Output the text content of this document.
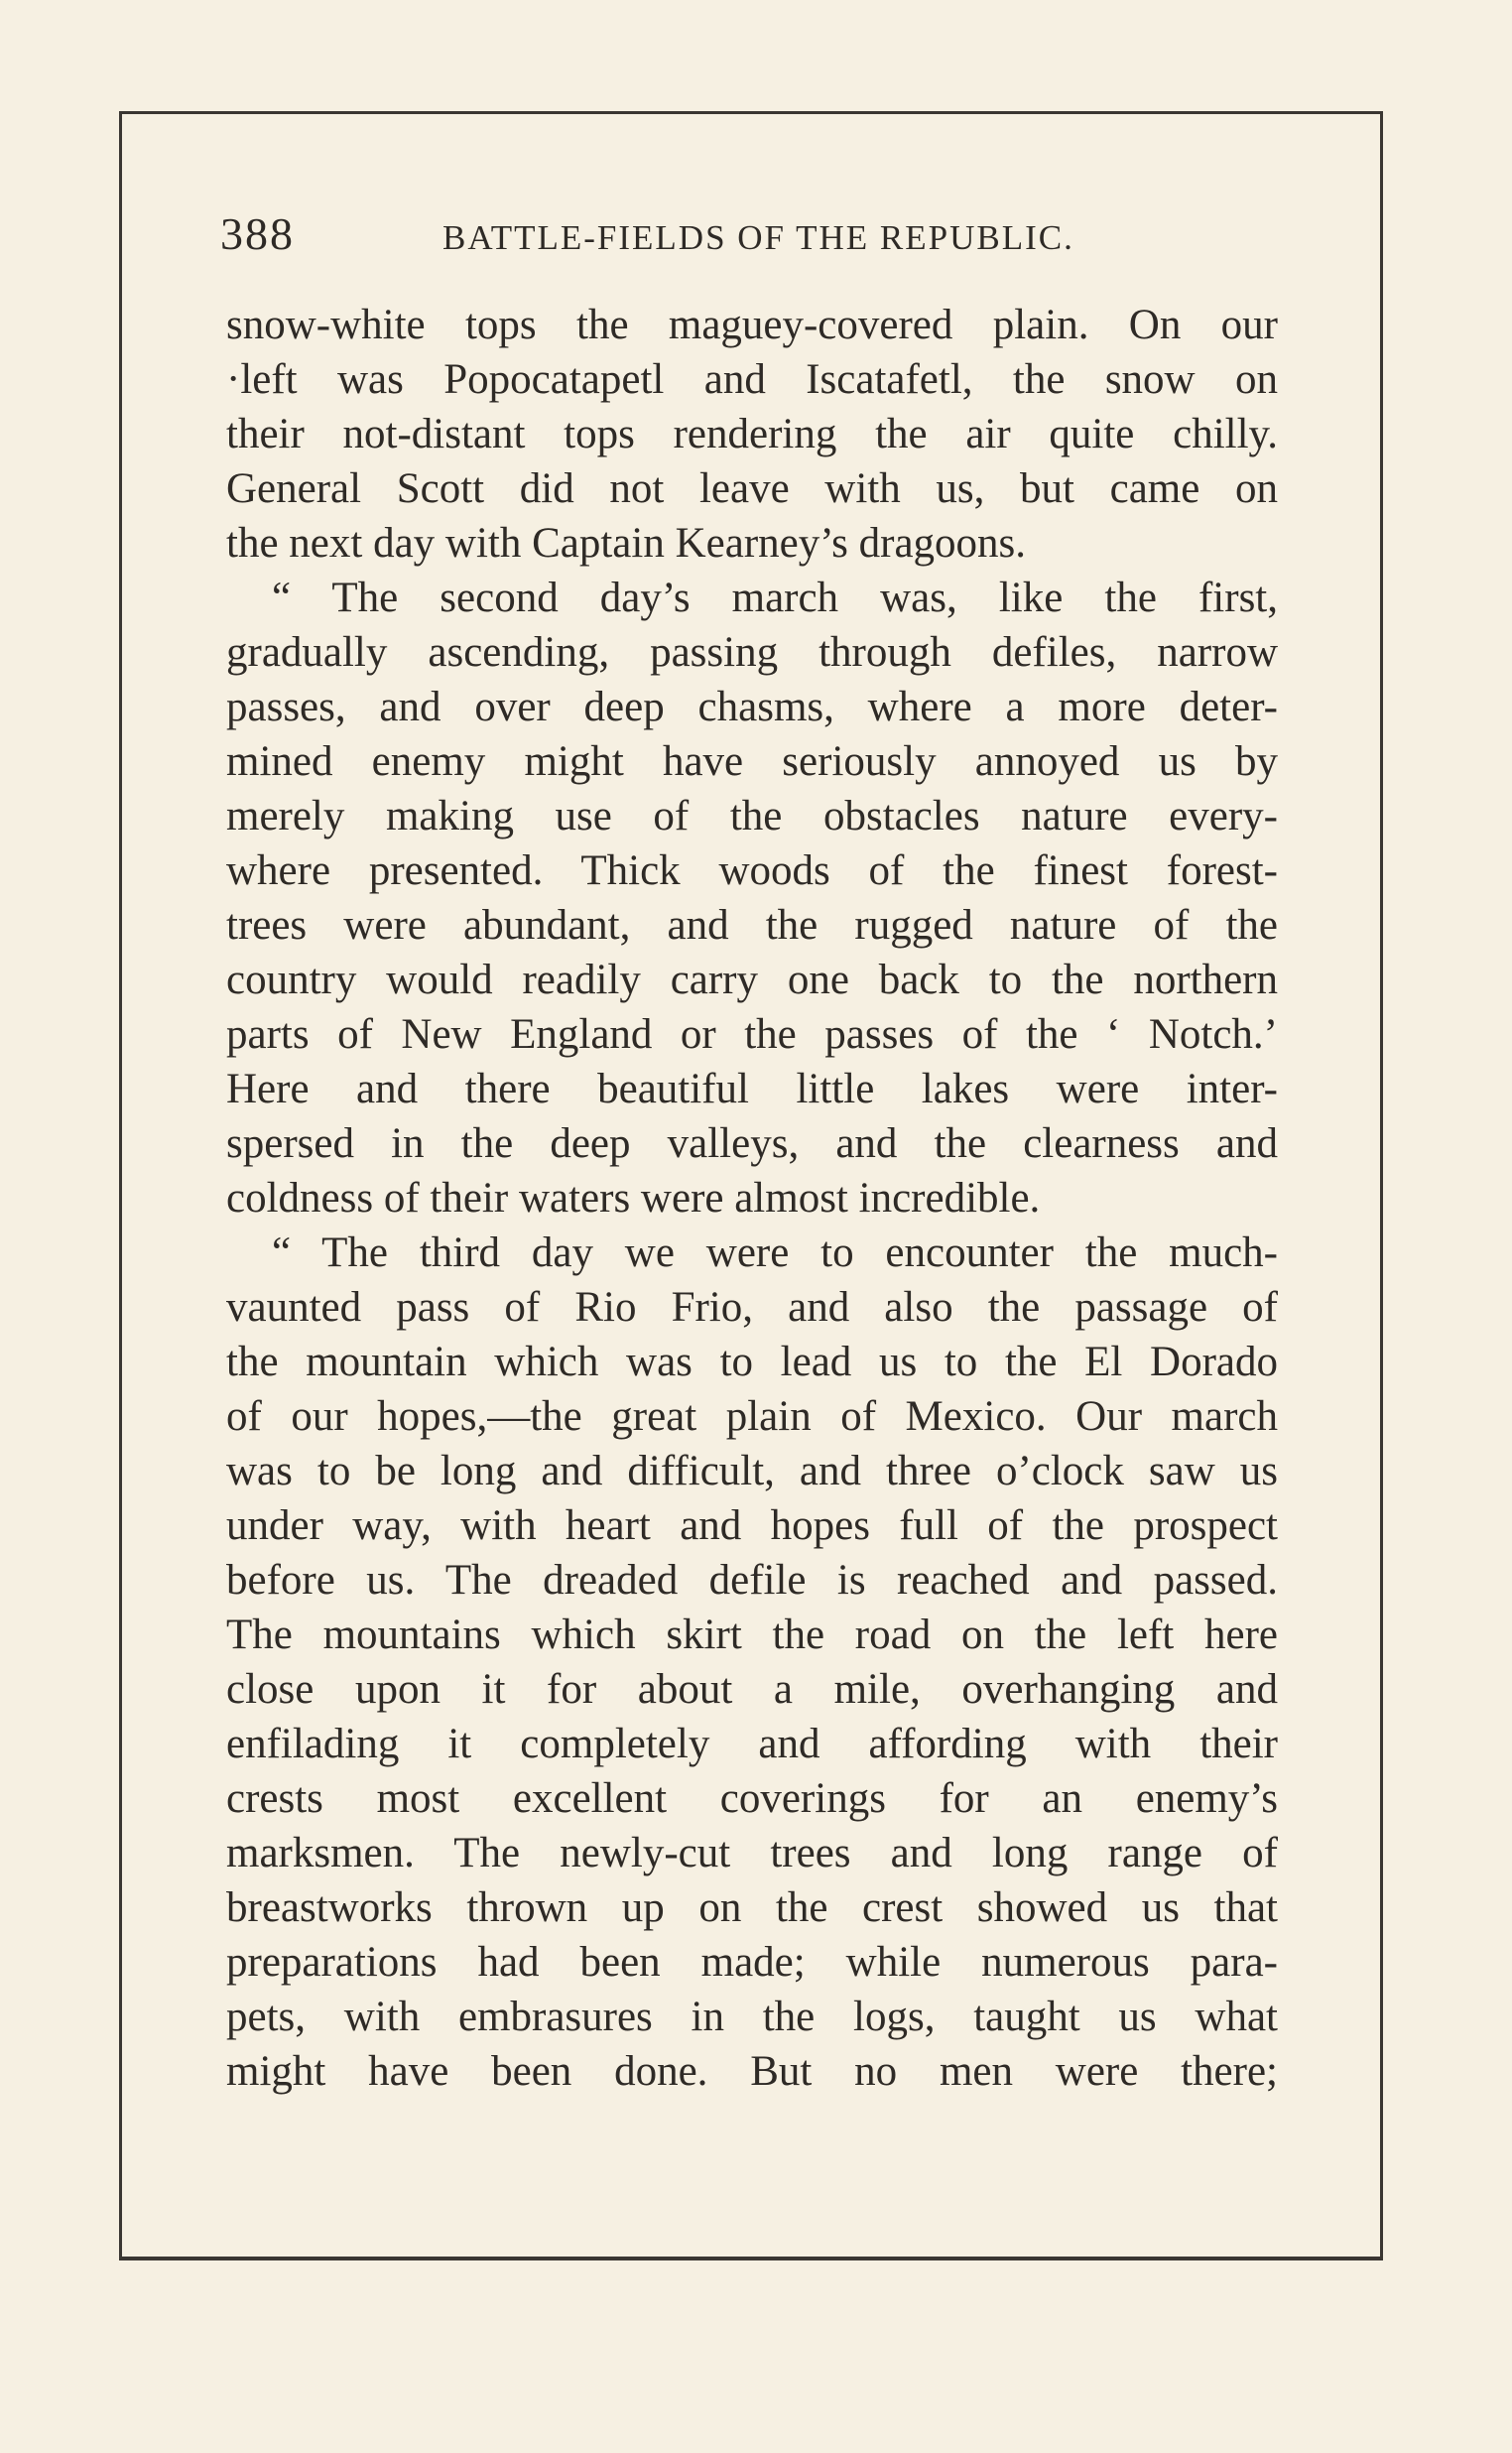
388	BATTLE-FIELDS OF THE REPUBLIC.
snow-white tops the maguey-covered plain. On our
·left was Popocatapetl and Iscatafetl, the snow on
their not-distant tops rendering the air quite chilly.
General Scott did not leave with us, but came on
the next day with Captain Kearney’s dragoons.
“ The second day’s march was, like the first,
gradually ascending, passing through defiles, narrow
passes, and over deep chasms, where a more deter-
mined enemy might have seriously annoyed us by
merely making use of the obstacles nature every-
where presented. Thick woods of the finest forest-
trees were abundant, and the rugged nature of the
country would readily carry one back to the northern
parts of New England or the passes of the ‘ Notch.’
Here and there beautiful little lakes were inter-
spersed in the deep valleys, and the clearness and
coldness of their waters were almost incredible.
“ The third day we were to encounter the much-
vaunted pass of Rio Frio, and also the passage of
the mountain which was to lead us to the El Dorado
of our hopes,—the great plain of Mexico. Our march
was to be long and difficult, and three o’clock saw us
under way, with heart and hopes full of the prospect
before us. The dreaded defile is reached and passed.
The mountains which skirt the road on the left here
close upon it for about a mile, overhanging and
enfilading it completely and affording with their
crests most excellent coverings for an enemy’s
marksmen. The newly-cut trees and long range of
breastworks thrown up on the crest showed us that
preparations had been made; while numerous para-
pets, with embrasures in the logs, taught us what
might have been done. But no men were there;
